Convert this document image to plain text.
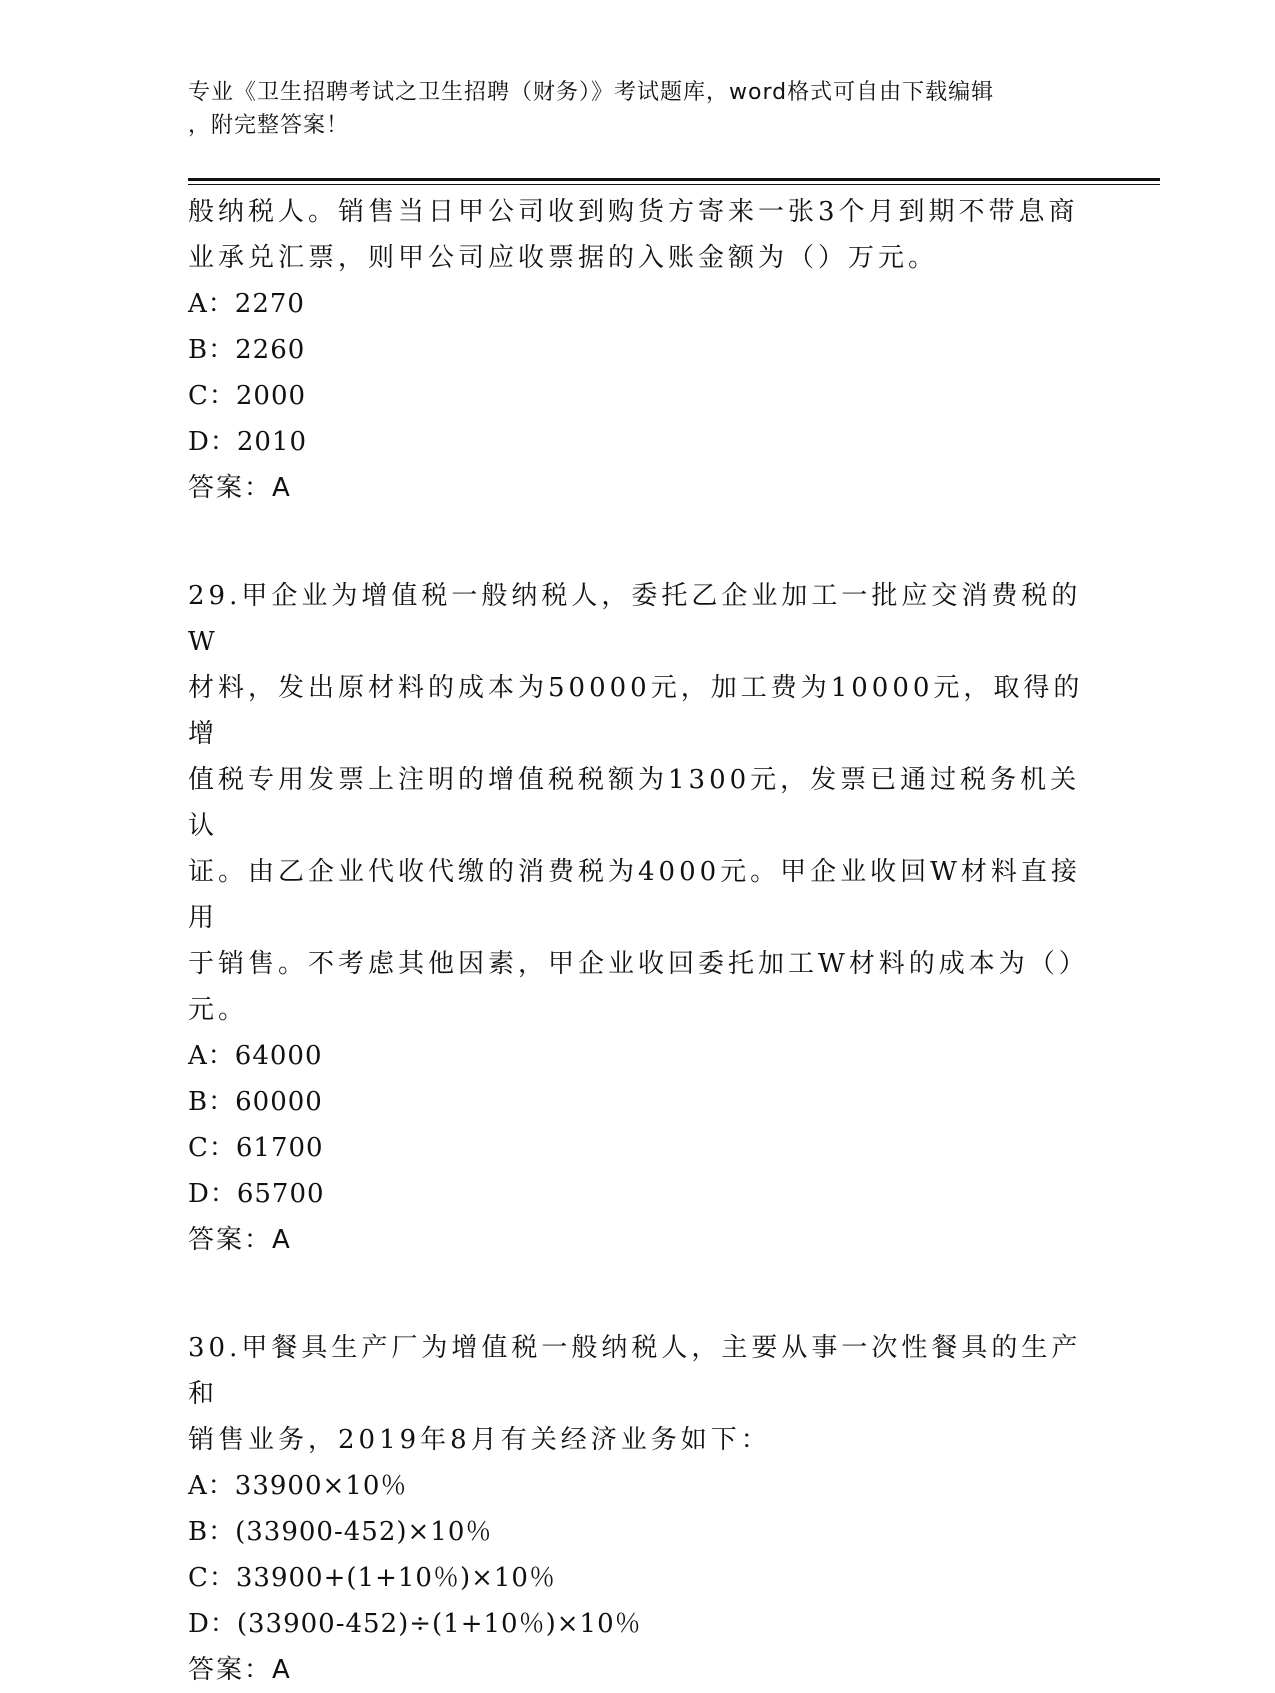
专业《卫生招聘考试之卫生招聘（财务）》考试题库，word格式可自由下载编辑
，附完整答案！

般纳税人。销售当日甲公司收到购货方寄来一张3个月到期不带息商

业承兑汇票，则甲公司应收票据的入账金额为（）万元。

A：2270

B：2260

C：2000

D：2010

答案：A

29.甲企业为增值税一般纳税人，委托乙企业加工一批应交消费税的W

材料，发出原材料的成本为50000元，加工费为10000元，取得的增

值税专用发票上注明的增值税税额为1300元，发票已通过税务机关认

证。由乙企业代收代缴的消费税为4000元。甲企业收回W材料直接用

于销售。不考虑其他因素，甲企业收回委托加工W材料的成本为（）

元。

A：64000

B：60000

C：61700

D：65700

答案：A

30.甲餐具生产厂为增值税一般纳税人，主要从事一次性餐具的生产和

销售业务，2019年8月有关经济业务如下：

A：33900×10％

B：(33900-452)×10％

C：33900+(1+10％)×10％

D：(33900-452)÷(1+10％)×10％

答案：A
